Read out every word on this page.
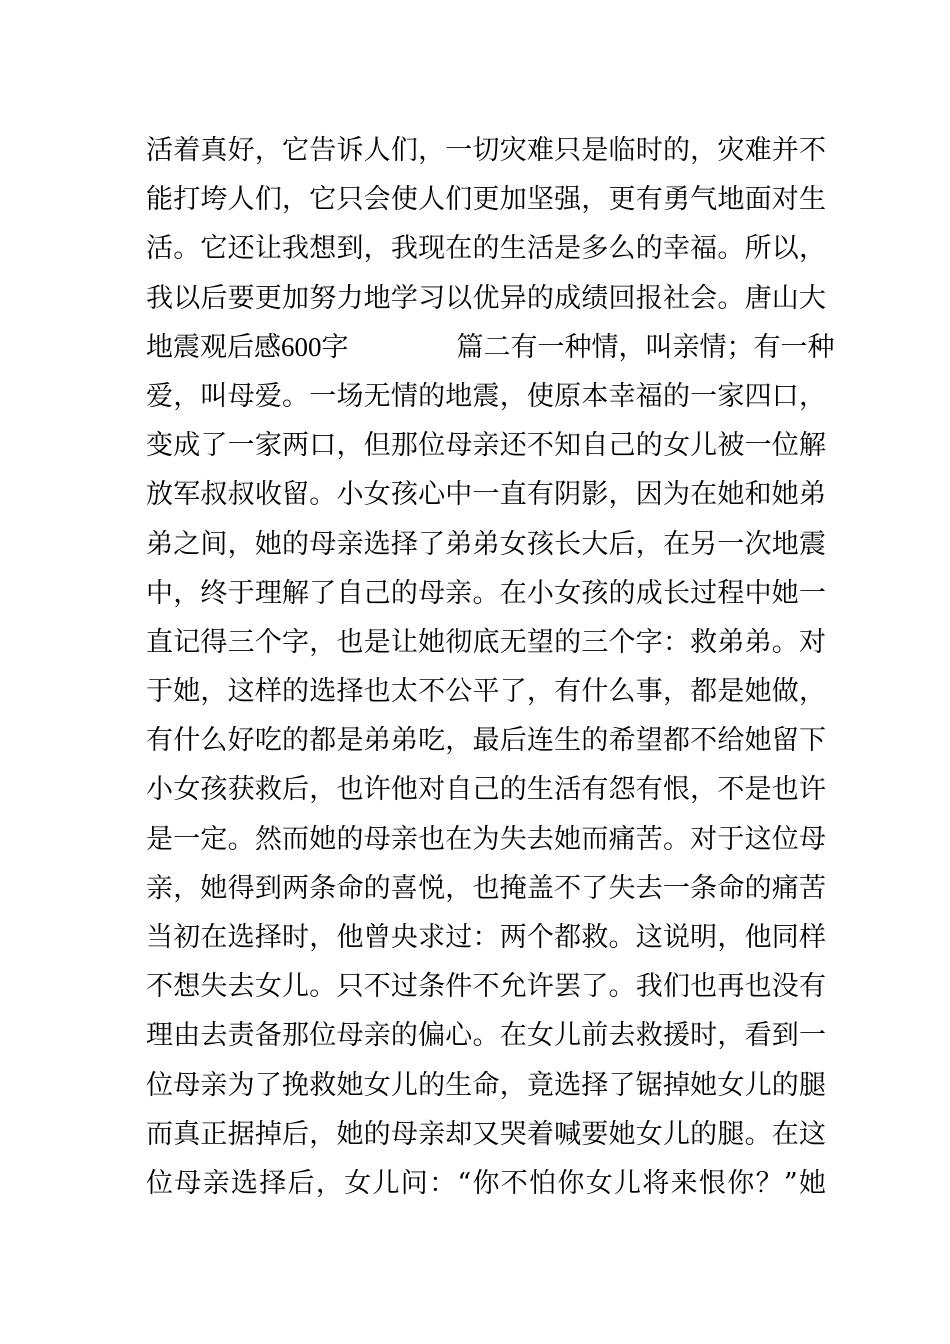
活着真好，它告诉人们，一切灾难只是临时的，灾难并不
能打垮人们，它只会使人们更加坚强，更有勇气地面对生
活。它还让我想到，我现在的生活是多么的幸福。所以，
我以后要更加努力地学习以优异的成绩回报社会。唐山大
地震观后感600字	篇二有一种情，叫亲情；有一种
爱，叫母爱。一场无情的地震，使原本幸福的一家四口，
变成了一家两口，但那位母亲还不知自己的女儿被一位解
放军叔叔收留。小女孩心中一直有阴影，因为在她和她弟
弟之间，她的母亲选择了弟弟女孩长大后，在另一次地震
中，终于理解了自己的母亲。在小女孩的成长过程中她一
直记得三个字，也是让她彻底无望的三个字：救弟弟。对
于她，这样的选择也太不公平了，有什么事，都是她做，
有什么好吃的都是弟弟吃，最后连生的希望都不给她留下
小女孩获救后，也许他对自己的生活有怨有恨，不是也许
是一定。然而她的母亲也在为失去她而痛苦。对于这位母
亲，她得到两条命的喜悦，也掩盖不了失去一条命的痛苦
当初在选择时，他曾央求过：两个都救。这说明，他同样
不想失去女儿。只不过条件不允许罢了。我们也再也没有
理由去责备那位母亲的偏心。在女儿前去救援时，看到一
位母亲为了挽救她女儿的生命，竟选择了锯掉她女儿的腿
而真正据掉后，她的母亲却又哭着喊要她女儿的腿。在这
位母亲选择后，女儿问：“你不怕你女儿将来恨你？”她
